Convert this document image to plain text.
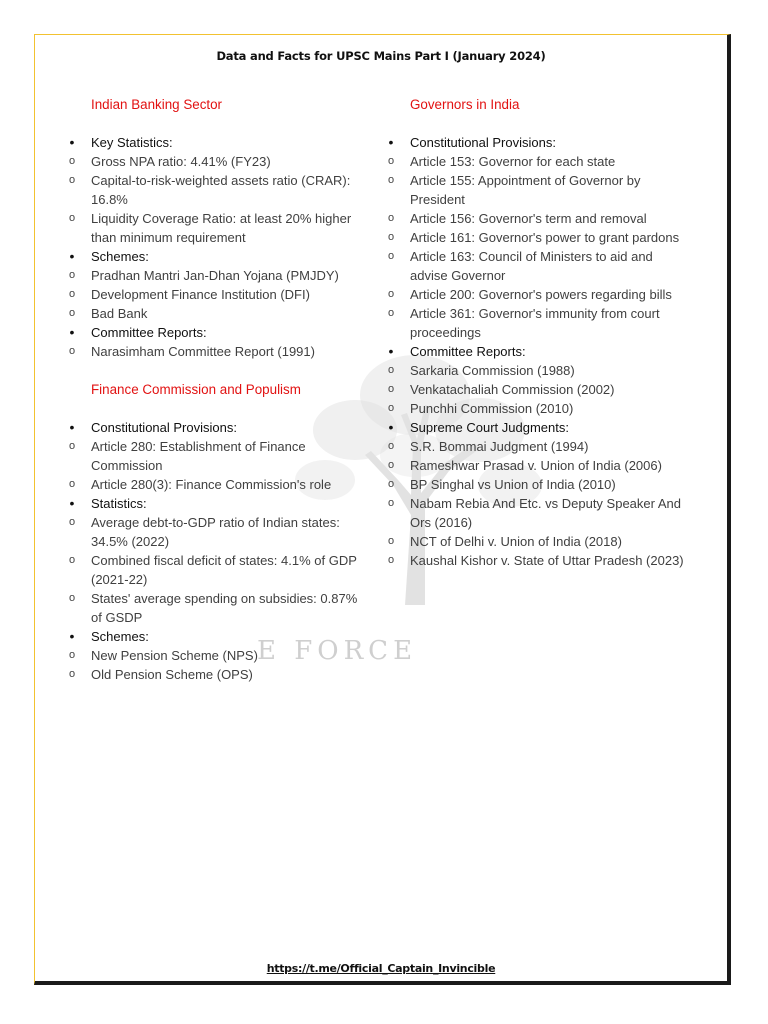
E FORCE
Data and Facts for UPSC Mains Part I (January 2024)
Indian Banking Sector
•	Key Statistics:
o	Gross NPA ratio: 4.41% (FY23)
o	Capital-to-risk-weighted assets ratio (CRAR): 16.8%
o	Liquidity Coverage Ratio: at least 20% higher than minimum requirement
•	Schemes:
o	Pradhan Mantri Jan-Dhan Yojana (PMJDY)
o	Development Finance Institution (DFI)
o	Bad Bank
•	Committee Reports:
o	Narasimham Committee Report (1991)
Finance Commission and Populism
•	Constitutional Provisions:
o	Article 280: Establishment of Finance Commission
o	Article 280(3): Finance Commission's role
•	Statistics:
o	Average debt-to-GDP ratio of Indian states: 34.5% (2022)
o	Combined fiscal deficit of states: 4.1% of GDP (2021-22)
o	States' average spending on subsidies: 0.87% of GSDP
•	Schemes:
o	New Pension Scheme (NPS)
o	Old Pension Scheme (OPS)
Governors in India
•	Constitutional Provisions:
o	Article 153: Governor for each state
o	Article 155: Appointment of Governor by President
o	Article 156: Governor's term and removal
o	Article 161: Governor's power to grant pardons
o	Article 163: Council of Ministers to aid and advise Governor
o	Article 200: Governor's powers regarding bills
o	Article 361: Governor's immunity from court proceedings
•	Committee Reports:
o	Sarkaria Commission (1988)
o	Venkatachaliah Commission (2002)
o	Punchhi Commission (2010)
•	Supreme Court Judgments:
o	S.R. Bommai Judgment (1994)
o	Rameshwar Prasad v. Union of India (2006)
o	BP Singhal vs Union of India (2010)
o	Nabam Rebia And Etc. vs Deputy Speaker And Ors (2016)
o	NCT of Delhi v. Union of India (2018)
o	Kaushal Kishor v. State of Uttar Pradesh (2023)
https://t.me/Official_Captain_Invincible
